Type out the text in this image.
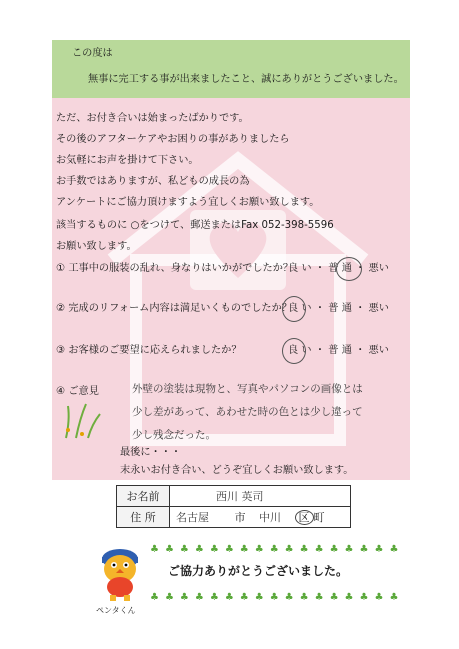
この度は
無事に完工する事が出来ましたこと、誠にありがとうございました。
ただ、お付き合いは始まったばかりです。
その後のアフターケアやお困りの事がありましたら
お気軽にお声を掛けて下さい。
お手数ではありますが、私どもの成長の為
アンケートにご協力頂けますよう宜しくお願い致します。
該当するものに ○をつけて、郵送またはFax 052-398-5596
お願い致します。
① 工事中の服装の乱れ、身なりはいかがでしたか？
良 い ・ 普 通 ・ 悪い
② 完成のリフォーム内容は満足いくものでしたか？
良 い ・ 普 通 ・ 悪い
③ お客様のご要望に応えられましたか？	良 い ・ 普 通 ・ 悪い
④ ご意見	外壁の塗装は現物と、写真やパソコンの画像とは
少し差があって、あわせた時の色とは少し違って
少し残念だった。
最後に・・・
末永いお付き合い、どうぞ宜しくお願い致します。
お名前	西川 英司
住 所	名古屋 市 中川 区 町
♣♣♣♣♣♣♣♣♣♣♣♣♣♣♣♣♣
♣♣♣♣♣♣♣♣♣♣♣♣♣♣♣♣♣
ご協力ありがとうございました。
ペンタくん
